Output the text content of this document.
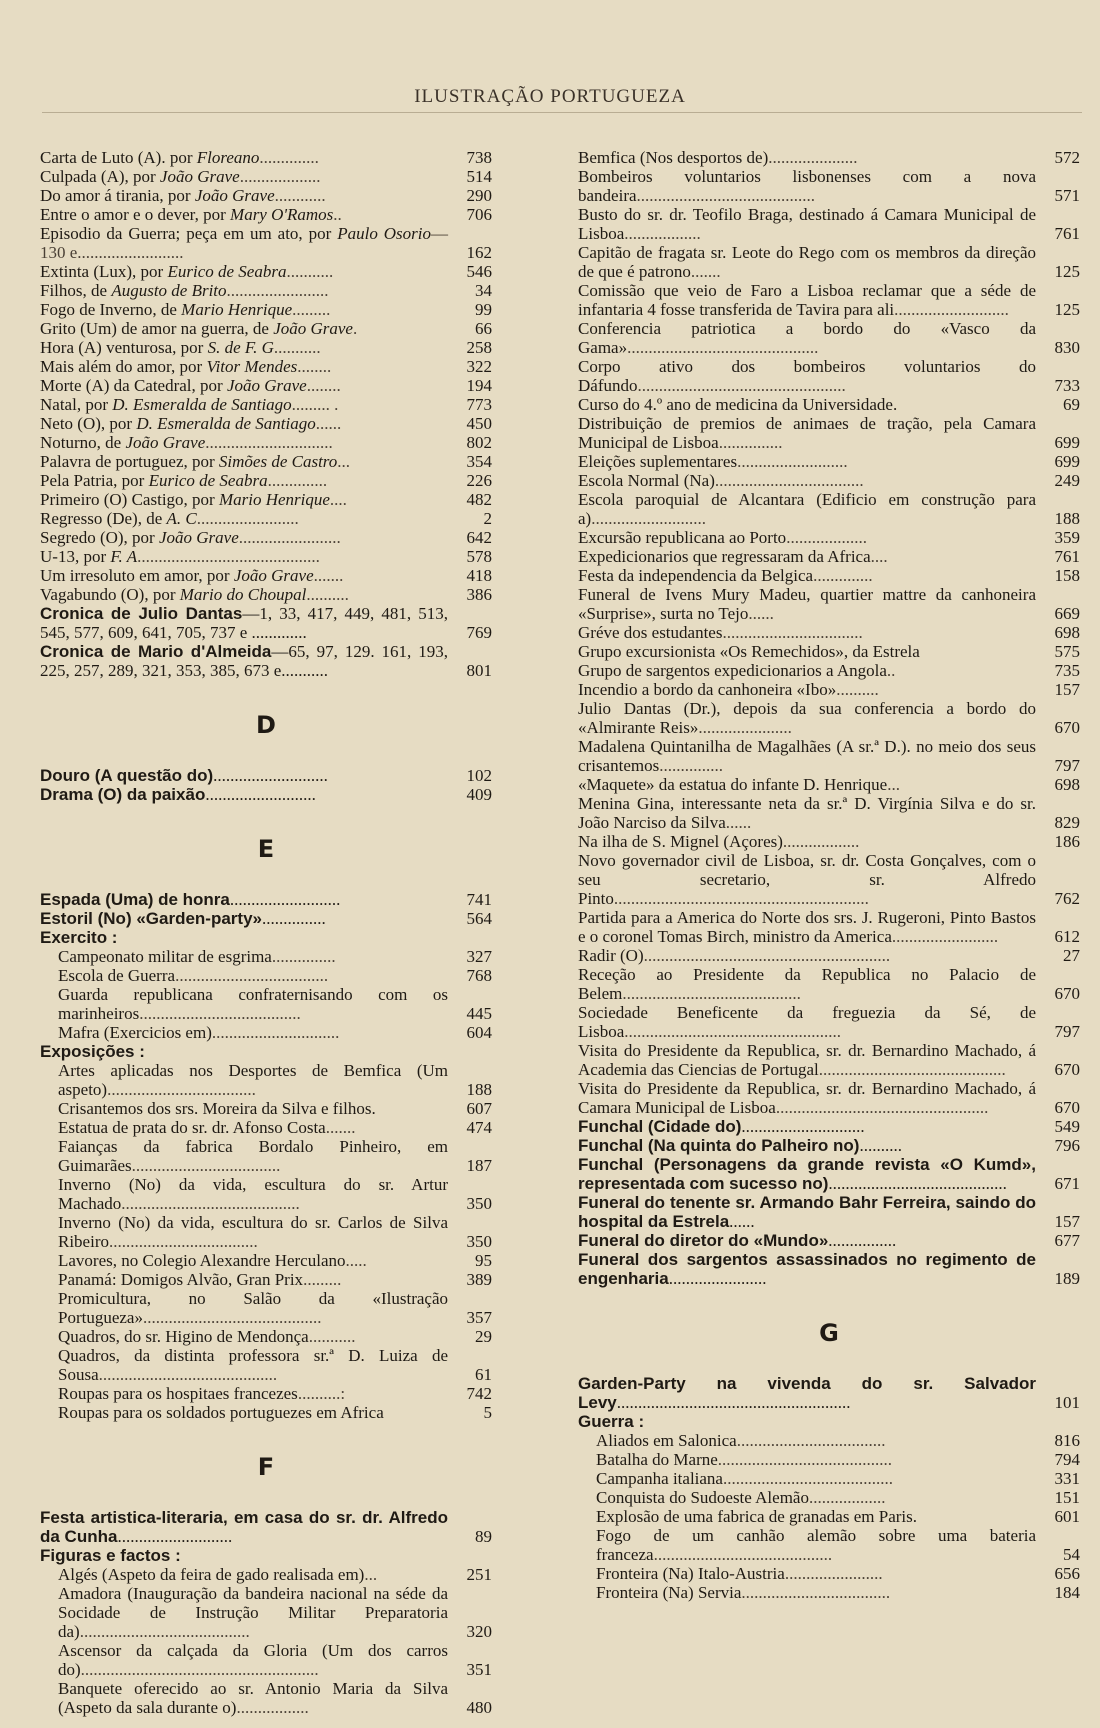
ILUSTRAÇÃO PORTUGUEZA
Carta de Luto (A). por Floreano..............	738
Culpada (A), por João Grave...................	514
Do amor á tirania, por João Grave............	290
Entre o amor e o dever, por Mary O'Ramos..	706
Episodio da Guerra; peça em um ato, por Paulo Osorio—130 e.........................	162
Extinta (Lux), por Eurico de Seabra...........	546
Filhos, de Augusto de Brito........................	34
Fogo de Inverno, de Mario Henrique.........	99
Grito (Um) de amor na guerra, de João Grave.	66
Hora (A) venturosa, por S. de F. G...........	258
Mais além do amor, por Vitor Mendes........	322
Morte (A) da Catedral, por João Grave........	194
Natal, por D. Esmeralda de Santiago......... .	773
Neto (O), por D. Esmeralda de Santiago......	450
Noturno, de João Grave..............................	802
Palavra de portuguez, por Simões de Castro...	354
Pela Patria, por Eurico de Seabra..............	226
Primeiro (O) Castigo, por Mario Henrique....	482
Regresso (De), de A. C........................	2
Segredo (O), por João Grave........................	642
U-13, por F. A...........................................	578
Um irresoluto em amor, por João Grave.......	418
Vagabundo (O), por Mario do Choupal..........	386
Cronica de Julio Dantas—1, 33, 417, 449, 481, 513, 545, 577, 609, 641, 705, 737 e .............	769
Cronica de Mario d'Almeida—65, 97, 129. 161, 193, 225, 257, 289, 321, 353, 385, 673 e...........	801
D
Douro (A questão do)...........................	102
Drama (O) da paixão..........................	409
E
Espada (Uma) de honra..........................	741
Estoril (No) «Garden-party»...............	564
Exercito :
Campeonato militar de esgrima...............	327
Escola de Guerra....................................	768
Guarda republicana confraternisando com os marinheiros......................................	445
Mafra (Exercicios em)..............................	604
Exposições :
Artes aplicadas nos Desportes de Bemfica (Um aspeto)...................................	188
Crisantemos dos srs. Moreira da Silva e filhos.	607
Estatua de prata do sr. dr. Afonso Costa.......	474
Faianças da fabrica Bordalo Pinheiro, em Guimarães...................................	187
Inverno (No) da vida, escultura do sr. Artur Machado..........................................	350
Inverno (No) da vida, escultura do sr. Carlos de Silva Ribeiro...................................	350
Lavores, no Colegio Alexandre Herculano.....	95
Panamá: Domigos Alvão, Gran Prix.........	389
Promicultura, no Salão da «Ilustração Portugueza»..........................................	357
Quadros, do sr. Higino de Mendonça...........	29
Quadros, da distinta professora sr.ª D. Luiza de Sousa..........................................	61
Roupas para os hospitaes francezes..........:	742
Roupas para os soldados portuguezes em Africa	5
F
Festa artistica-literaria, em casa do sr. dr. Alfredo da Cunha...........................	89
Figuras e factos :
Algés (Aspeto da feira de gado realisada em)...	251
Amadora (Inauguração da bandeira nacional na séde da Socidade de Instrução Militar Preparatoria da)........................................	320
Ascensor da calçada da Gloria (Um dos carros do)........................................................	351
Banquete oferecido ao sr. Antonio Maria da Silva (Aspeto da sala durante o).................	480
Bemfica (Nos desportos de).....................	572
Bombeiros voluntarios lisbonenses com a nova bandeira..........................................	571
Busto do sr. dr. Teofilo Braga, destinado á Camara Municipal de Lisboa..................	761
Capitão de fragata sr. Leote do Rego com os membros da direção de que é patrono.......	125
Comissão que veio de Faro a Lisboa reclamar que a séde de infantaria 4 fosse transferida de Tavira para ali...........................	125
Conferencia patriotica a bordo do «Vasco da Gama».............................................	830
Corpo ativo dos bombeiros voluntarios do Dáfundo.................................................	733
Curso do 4.º ano de medicina da Universidade.	69
Distribuição de premios de animaes de tração, pela Camara Municipal de Lisboa...............	699
Eleições suplementares..........................	699
Escola Normal (Na)...................................	249
Escola paroquial de Alcantara (Edificio em construção para a)...........................	188
Excursão republicana ao Porto...................	359
Expedicionarios que regressaram da Africa....	761
Festa da independencia da Belgica..............	158
Funeral de Ivens Mury Madeu, quartier mattre da canhoneira «Surprise», surta no Tejo......	669
Gréve dos estudantes.................................	698
Grupo excursionista «Os Remechidos», da Estrela	575
Grupo de sargentos expedicionarios a Angola..	735
Incendio a bordo da canhoneira «Ibo»..........	157
Julio Dantas (Dr.), depois da sua conferencia a bordo do «Almirante Reis»......................	670
Madalena Quintanilha de Magalhães (A sr.ª D.). no meio dos seus crisantemos...............	797
«Maquete» da estatua do infante D. Henrique...	698
Menina Gina, interessante neta da sr.ª D. Virgínia Silva e do sr. João Narciso da Silva......	829
Na ilha de S. Mignel (Açores)..................	186
Novo governador civil de Lisboa, sr. dr. Costa Gonçalves, com o seu secretario, sr. Alfredo Pinto............................................................	762
Partida para a America do Norte dos srs. J. Rugeroni, Pinto Bastos e o coronel Tomas Birch, ministro da America.........................	612
Radir (O)..........................................................	27
Receção ao Presidente da Republica no Palacio de Belem..........................................	670
Sociedade Beneficente da freguezia da Sé, de Lisboa...................................................	797
Visita do Presidente da Republica, sr. dr. Bernardino Machado, á Academia das Ciencias de Portugal............................................	670
Visita do Presidente da Republica, sr. dr. Bernardino Machado, á Camara Municipal de Lisboa..................................................	670
Funchal (Cidade do).............................	549
Funchal (Na quinta do Palheiro no)..........	796
Funchal (Personagens da grande revista «O Kumd», representada com sucesso no)..........................................	671
Funeral do tenente sr. Armando Bahr Ferreira, saindo do hospital da Estrela......	157
Funeral do diretor do «Mundo»................	677
Funeral dos sargentos assassinados no regimento de engenharia.......................	189
G
Garden-Party na vivenda do sr. Salvador Levy.......................................................	101
Guerra :
Aliados em Salonica...................................	816
Batalha do Marne.........................................	794
Campanha italiana........................................	331
Conquista do Sudoeste Alemão..................	151
Explosão de uma fabrica de granadas em Paris.	601
Fogo de um canhão alemão sobre uma bateria franceza..........................................	54
Fronteira (Na) Italo-Austria.......................	656
Fronteira (Na) Servia...................................	184
